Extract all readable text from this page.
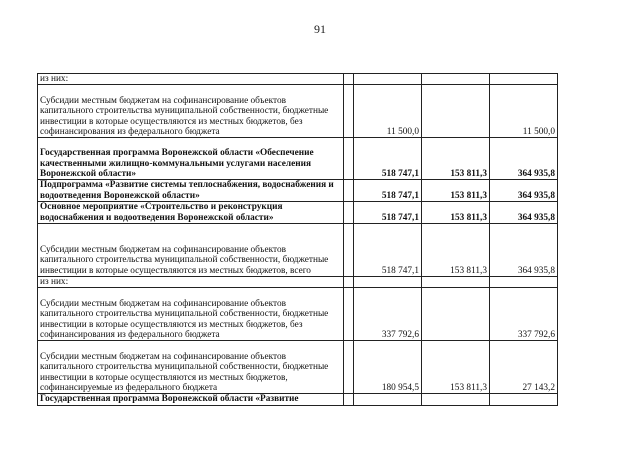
91
из них:				
Субсидии местным бюджетам на софинансирование объектов капитального строительства муниципальной собственности, бюджетные инвестиции в которые осуществляются из местных бюджетов, без софинансирования из федерального бюджета		11 500,0		11 500,0
Государственная программа Воронежской области «Обеспечение качественными жилищно-коммунальными услугами населения Воронежской области»		518 747,1	153 811,3	364 935,8
Подпрограмма «Развитие системы теплоснабжения, водоснабжения и водоотведения Воронежской области»		518 747,1	153 811,3	364 935,8
Основное мероприятие «Строительство и реконструкция водоснабжения и водоотведения Воронежской области»		518 747,1	153 811,3	364 935,8
Субсидии местным бюджетам на софинансирование объектов капитального строительства муниципальной собственности, бюджетные инвестиции в которые осуществляются из местных бюджетов, всего		518 747,1	153 811,3	364 935,8
из них:				
Субсидии местным бюджетам на софинансирование объектов капитального строительства муниципальной собственности, бюджетные инвестиции в которые осуществляются из местных бюджетов, без софинансирования из федерального бюджета		337 792,6		337 792,6
Субсидии местным бюджетам на софинансирование объектов капитального строительства муниципальной собственности, бюджетные инвестиции в которые осуществляются из местных бюджетов, софинансируемые из федерального бюджета		180 954,5	153 811,3	27 143,2
Государственная программа Воронежской области «Развитие				
